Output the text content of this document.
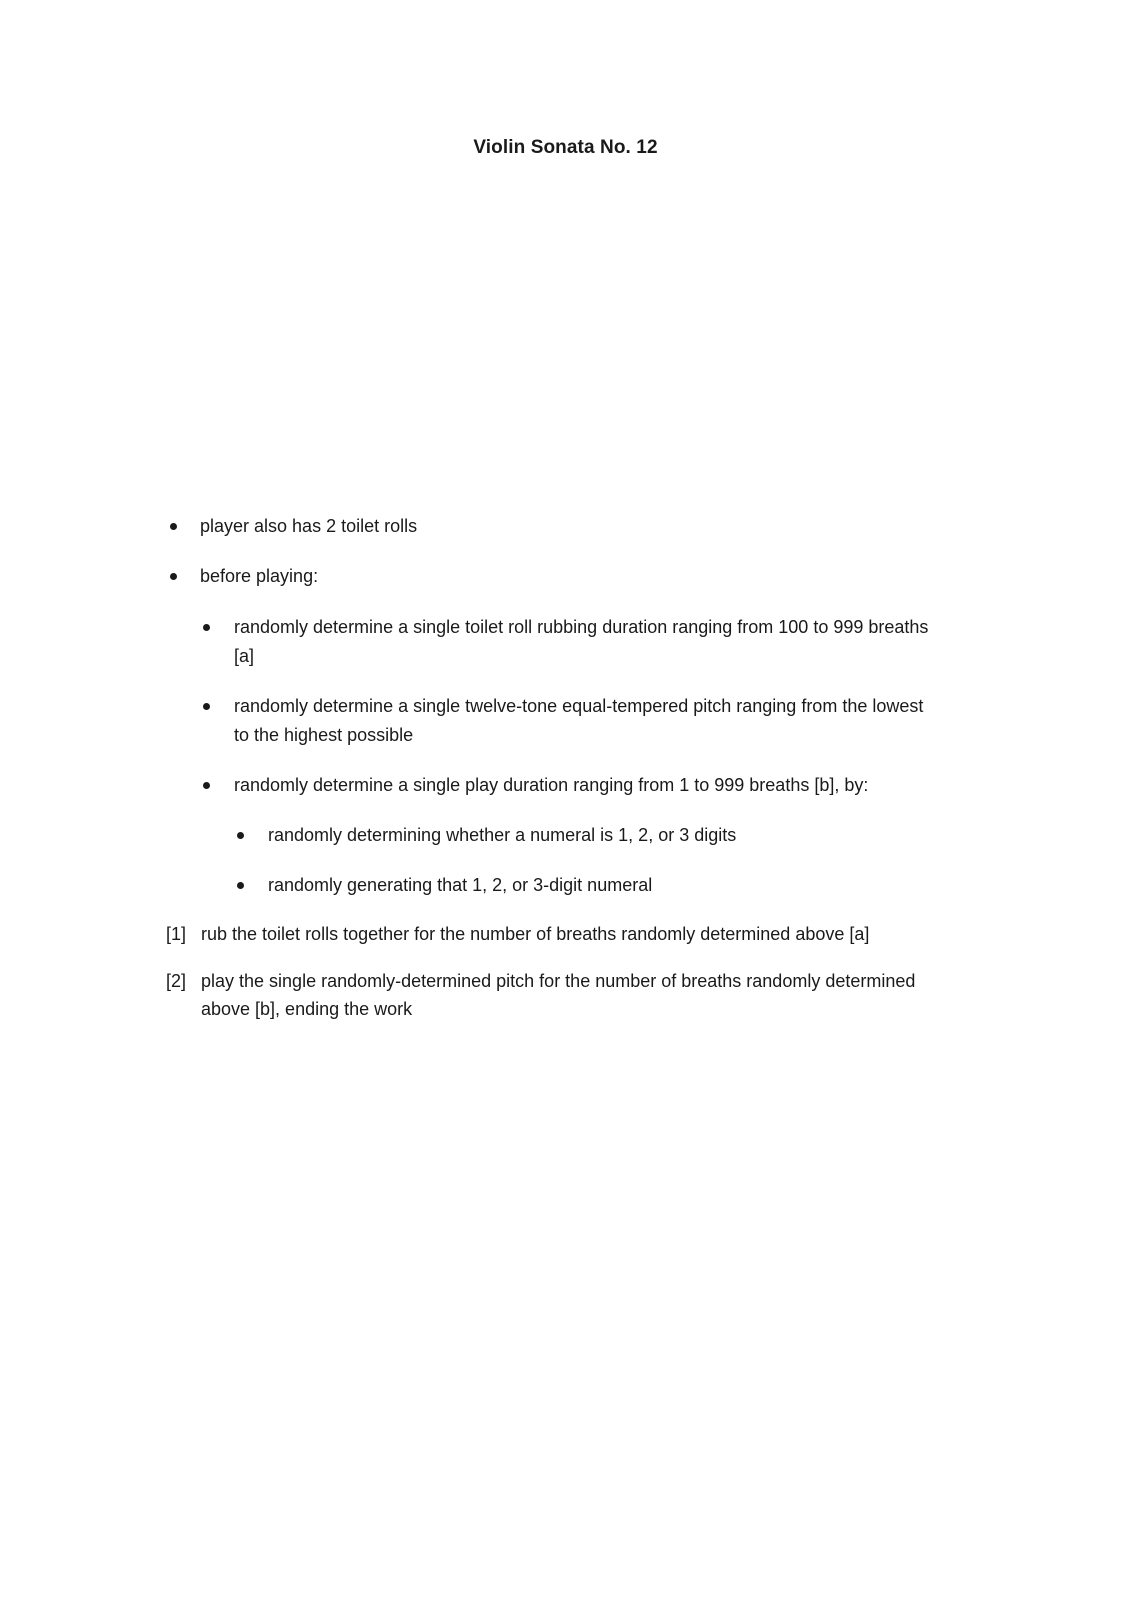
Violin Sonata No. 12
player also has 2 toilet rolls
before playing:
randomly determine a single toilet roll rubbing duration ranging from 100 to 999 breaths
[a]
randomly determine a single twelve-tone equal-tempered pitch ranging from the lowest
to the highest possible
randomly determine a single play duration ranging from 1 to 999 breaths [b], by:
randomly determining whether a numeral is 1, 2, or 3 digits
randomly generating that 1, 2, or 3-digit numeral
[1] rub the toilet rolls together for the number of breaths randomly determined above [a]
[2] play the single randomly-determined pitch for the number of breaths randomly determined
above [b], ending the work
